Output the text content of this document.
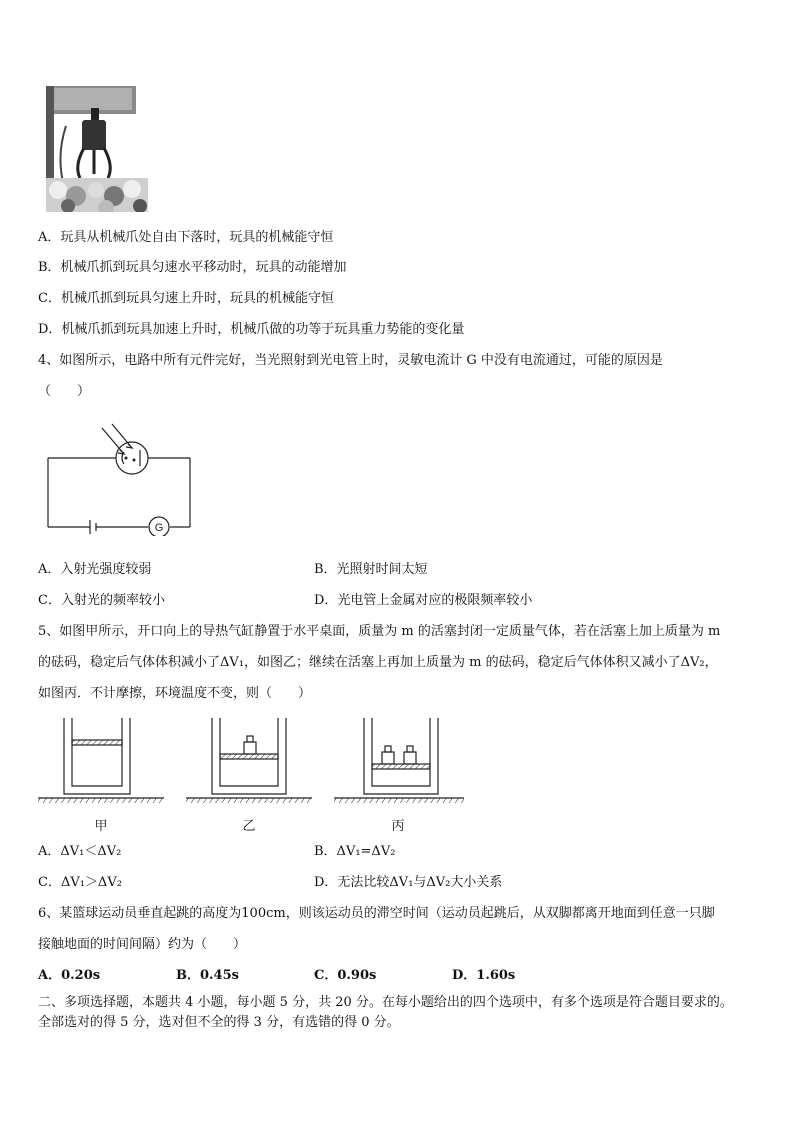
A．玩具从机械爪处自由下落时，玩具的机械能守恒
B．机械爪抓到玩具匀速水平移动时，玩具的动能增加
C．机械爪抓到玩具匀速上升时，玩具的机械能守恒
D．机械爪抓到玩具加速上升时，机械爪做的功等于玩具重力势能的变化量
4、如图所示，电路中所有元件完好，当光照射到光电管上时，灵敏电流计 G 中没有电流通过，可能的原因是
（　　）
G
A．入射光强度较弱	B．光照射时间太短
C．入射光的频率较小	D．光电管上金属对应的极限频率较小
5、如图甲所示，开口向上的导热气缸静置于水平桌面，质量为 m 的活塞封闭一定质量气体，若在活塞上加上质量为 m
的砝码，稳定后气体体积减小了ΔV₁，如图乙；继续在活塞上再加上质量为 m 的砝码，稳定后气体体积又减小了ΔV₂，
如图丙．不计摩擦，环境温度不变，则（　　）
甲	乙	丙
A．ΔV₁＜ΔV₂	B．ΔV₁=ΔV₂
C．ΔV₁＞ΔV₂	D．无法比较ΔV₁与ΔV₂大小关系
6、某篮球运动员垂直起跳的高度为100cm，则该运动员的滞空时间（运动员起跳后，从双脚都离开地面到任意一只脚
接触地面的时间间隔）约为（　　）
A．0.20s	B．0.45s	C．0.90s	D．1.60s
二、多项选择题，本题共 4 小题，每小题 5 分，共 20 分。在每小题给出的四个选项中，有多个选项是符合题目要求的。
全部选对的得 5 分，选对但不全的得 3 分，有选错的得 0 分。
